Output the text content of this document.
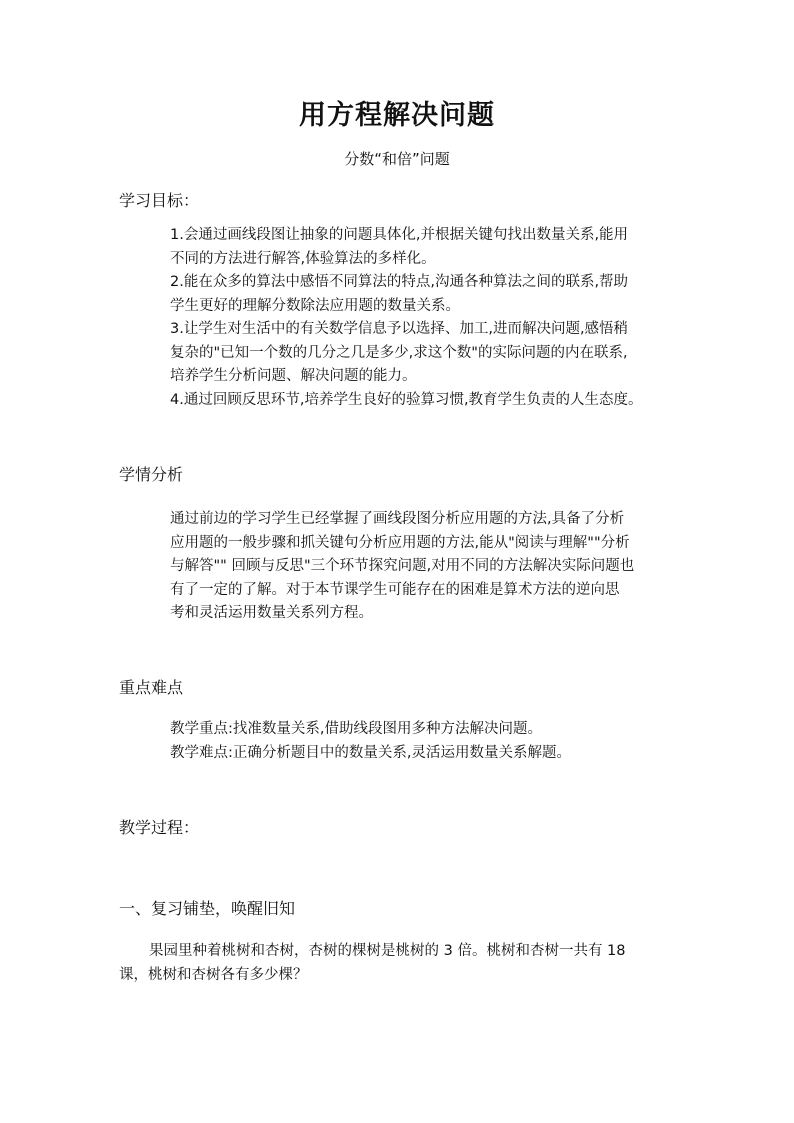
用方程解决问题
分数“和倍”问题
学习目标：

1.会通过画线段图让抽象的问题具体化,并根据关键句找出数量关系,能用

不同的方法进行解答,体验算法的多样化。

2.能在众多的算法中感悟不同算法的特点,沟通各种算法之间的联系,帮助

学生更好的理解分数除法应用题的数量关系。

3.让学生对生活中的有关数学信息予以选择、加工,进而解决问题,感悟稍

复杂的"已知一个数的几分之几是多少,求这个数"的实际问题的内在联系,

培养学生分析问题、解决问题的能力。

4.通过回顾反思环节,培养学生良好的验算习惯,教育学生负责的人生态度。

学情分析

通过前边的学习学生已经掌握了画线段图分析应用题的方法,具备了分析

应用题的一般步骤和抓关键句分析应用题的方法,能从"阅读与理解""分析

与解答"" 回顾与反思"三个环节探究问题,对用不同的方法解决实际问题也

有了一定的了解。对于本节课学生可能存在的困难是算术方法的逆向思

考和灵活运用数量关系列方程。

重点难点

教学重点:找准数量关系,借助线段图用多种方法解决问题。

教学难点:正确分析题目中的数量关系,灵活运用数量关系解题。

教学过程：
一、复习铺垫，唤醒旧知

果园里种着桃树和杏树，杏树的棵树是桃树的 3 倍。桃树和杏树一共有 18

课，桃树和杏树各有多少棵？
